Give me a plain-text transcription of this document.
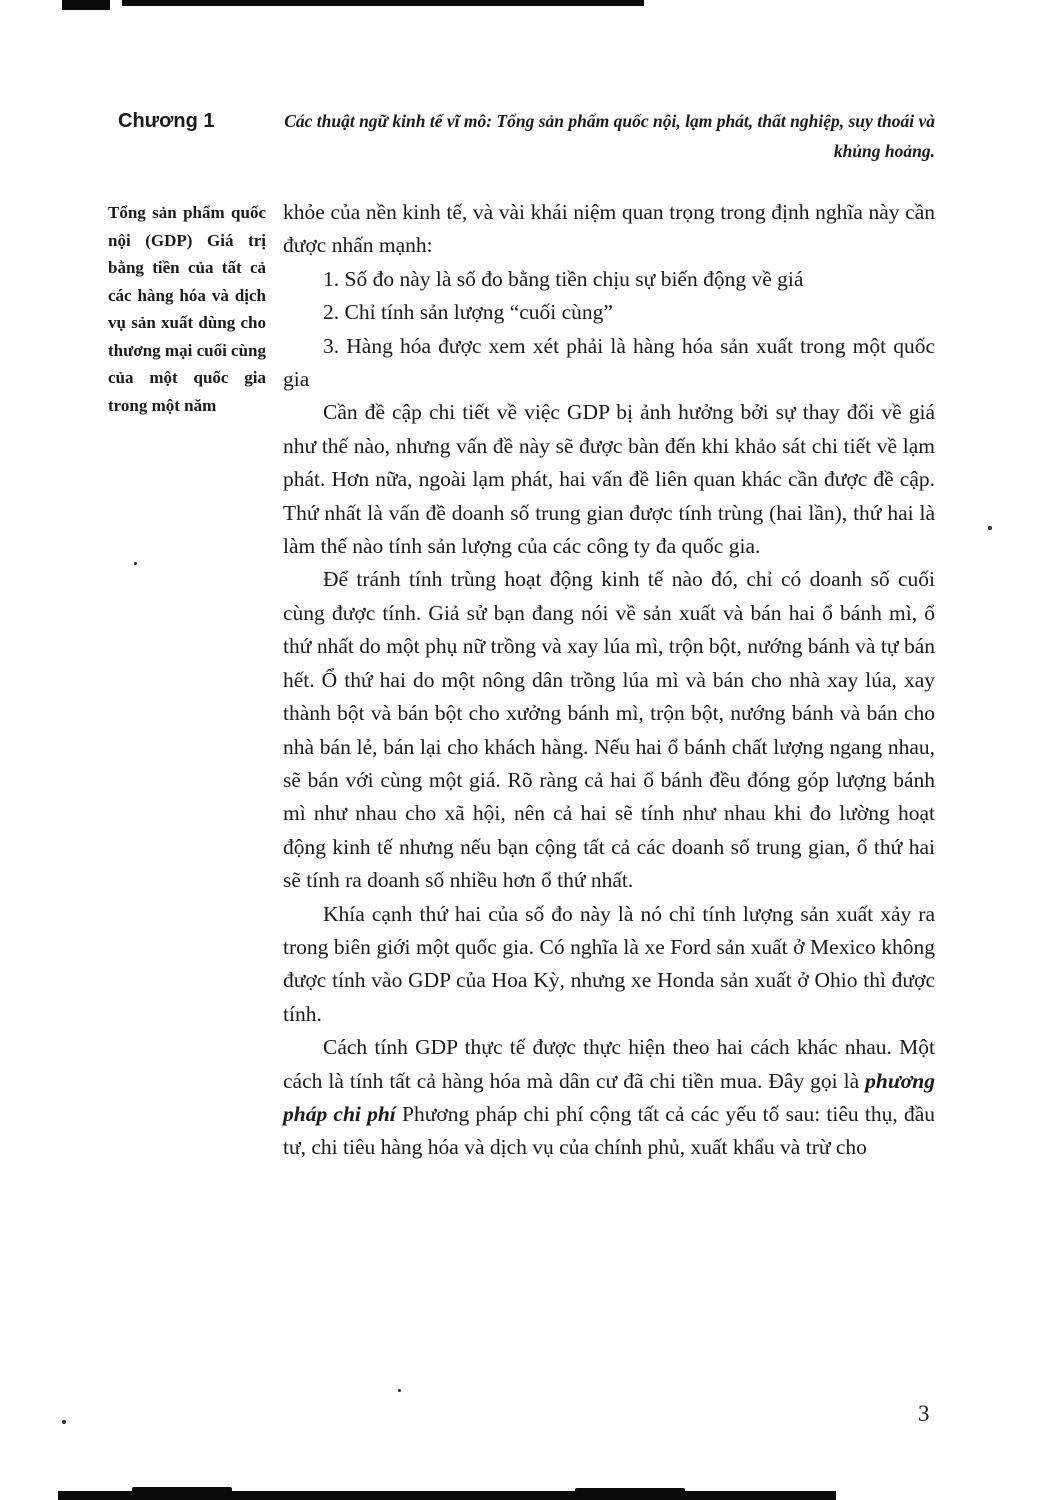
Chương 1	Các thuật ngữ kinh tế vĩ mô: Tổng sản phẩm quốc nội, lạm phát, thất nghiệp, suy thoái và
khủng hoảng.
Tổng sản phẩm quốc nội (GDP) Giá trị bằng tiền của tất cả các hàng hóa và dịch vụ sản xuất dùng cho thương mại cuối cùng của một quốc gia trong một năm

khỏe của nền kinh tế, và vài khái niệm quan trọng trong định nghĩa này cần được nhấn mạnh:

1. Số đo này là số đo bằng tiền chịu sự biến động về giá

2. Chỉ tính sản lượng “cuối cùng”

3. Hàng hóa được xem xét phải là hàng hóa sản xuất trong một quốc gia

Cần đề cập chi tiết về việc GDP bị ảnh hưởng bởi sự thay đổi về giá như thế nào, nhưng vấn đề này sẽ được bàn đến khi khảo sát chi tiết về lạm phát. Hơn nữa, ngoài lạm phát, hai vấn đề liên quan khác cần được đề cập. Thứ nhất là vấn đề doanh số trung gian được tính trùng (hai lần), thứ hai là làm thế nào tính sản lượng của các công ty đa quốc gia.

Để tránh tính trùng hoạt động kinh tế nào đó, chỉ có doanh số cuối cùng được tính. Giả sử bạn đang nói về sản xuất và bán hai ổ bánh mì, ổ thứ nhất do một phụ nữ trồng và xay lúa mì, trộn bột, nướng bánh và tự bán hết. Ổ thứ hai do một nông dân trồng lúa mì và bán cho nhà xay lúa, xay thành bột và bán bột cho xưởng bánh mì, trộn bột, nướng bánh và bán cho nhà bán lẻ, bán lại cho khách hàng. Nếu hai ổ bánh chất lượng ngang nhau, sẽ bán với cùng một giá. Rõ ràng cả hai ổ bánh đều đóng góp lượng bánh mì như nhau cho xã hội, nên cả hai sẽ tính như nhau khi đo lường hoạt động kinh tế nhưng nếu bạn cộng tất cả các doanh số trung gian, ổ thứ hai sẽ tính ra doanh số nhiều hơn ổ thứ nhất.

Khía cạnh thứ hai của số đo này là nó chỉ tính lượng sản xuất xảy ra trong biên giới một quốc gia. Có nghĩa là xe Ford sản xuất ở Mexico không được tính vào GDP của Hoa Kỳ, nhưng xe Honda sản xuất ở Ohio thì được tính.

Cách tính GDP thực tế được thực hiện theo hai cách khác nhau. Một cách là tính tất cả hàng hóa mà dân cư đã chi tiền mua. Đây gọi là phương pháp chi phí Phương pháp chi phí cộng tất cả các yếu tố sau: tiêu thụ, đầu tư, chi tiêu hàng hóa và dịch vụ của chính phủ, xuất khẩu và trừ cho

3
